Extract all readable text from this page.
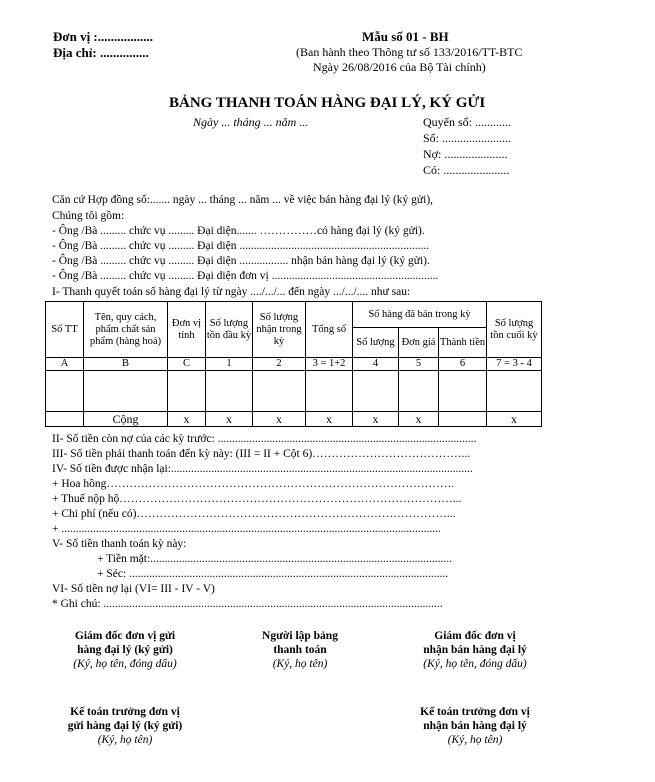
Đơn vị :.................
Địa chỉ: ...............
Mẫu số 01 - BH
(Ban hành theo Thông tư số 133/2016/TT-BTC
Ngày 26/08/2016 của Bộ Tài chính)
BẢNG THANH TOÁN HÀNG ĐẠI LÝ, KÝ GỬI
Ngày ... tháng ... năm ...	Quyển số: ............
Số: .......................
Nợ: .....................
Có: ......................
Căn cứ Hợp đồng số:....... ngày ... tháng ... năm ... về việc bán hàng đại lý (ký gửi),
Chúng tôi gồm:
- Ông /Bà ......... chức vụ ......... Đại diện....... ……………có hàng đại lý (ký gửi).
- Ông /Bà ......... chức vụ ......... Đại diện ..................................................................
- Ông /Bà ......... chức vụ ......... Đại diện ................. nhận bán hàng đại lý (ký gửi).
- Ông /Bà ......... chức vụ ......... Đại diện đơn vị ..........................................................
I- Thanh quyết toán số hàng đại lý từ ngày ..../.../... đến ngày .../.../.... như sau:
Số TT	Tên, quy cách, phẩm chất sản phẩm (hàng hoá)	Đơn vị tính	Số lượng tồn đầu kỳ	Số lượng nhận trong kỳ	Tổng số	Số hàng đã bán trong kỳ			Số lượng tồn cuối kỳ
						Số lượng	Đơn giá	Thành tiền	
A	B	C	1	2	3 = 1+2	4	5	6	7 = 3 - 4

	Cộng	x	x	x	x	x	x		x
II- Số tiền còn nợ của các kỳ trước: ..........................................................................................
III- Số tiền phải thanh toán đến kỳ này: (III = II + Cột 6)…………………………………...
IV- Số tiền được nhận lại:.........................................................................................................
+ Hoa hồng……………………………………………………………………………….
+ Thuế nộp hộ……………………………………………………………………………...
+ Chi phí (nếu có)………………………………………………………………………...
+ ....................................................................................................................................
V- Số tiền thanh toán kỳ này:
+ Tiền mặt:.........................................................................................................
+ Séc: ...............................................................................................................
VI- Số tiền nợ lại (VI= III - IV - V)
* Ghi chú: ......................................................................................................................
Giám đốc đơn vị gửi
hàng đại lý (ký gửi)
(Ký, họ tên, đóng dấu)
Người lập bảng
thanh toán
(Ký, họ tên)
Giám đốc đơn vị
nhận bán hàng đại lý
(Ký, họ tên, đóng dấu)
Kế toán trưởng đơn vị
gửi hàng đại lý (ký gửi)
(Ký, họ tên)
Kế toán trưởng đơn vị
nhận bán hàng đại lý
(Ký, họ tên)
